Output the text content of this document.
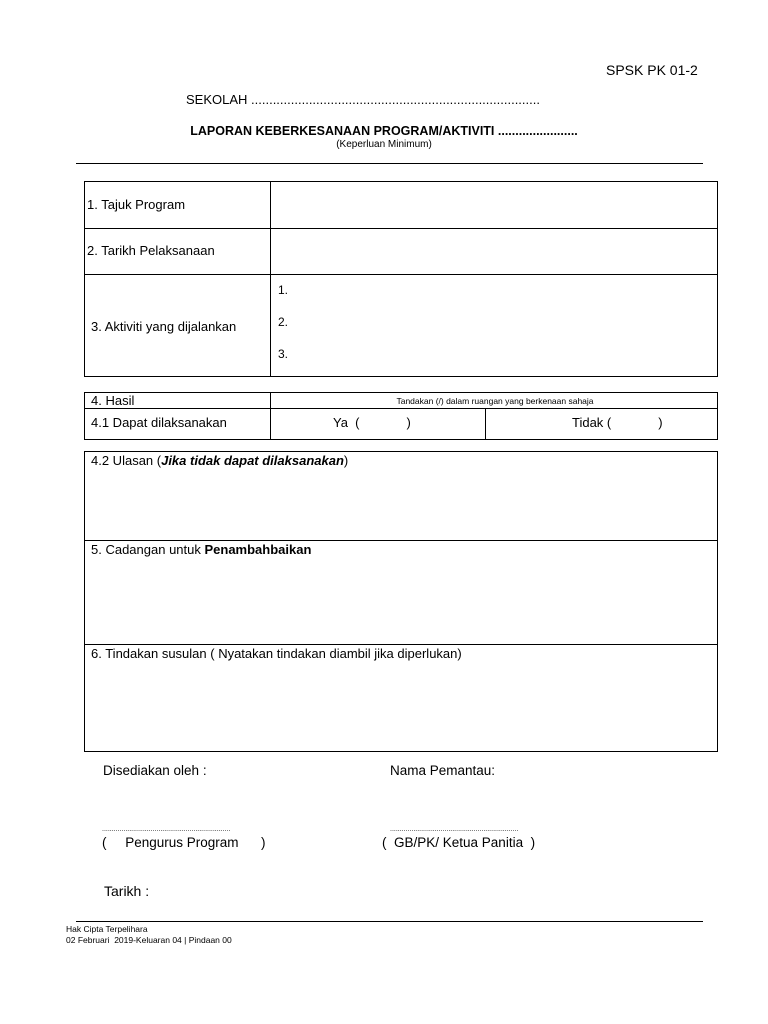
SPSK PK 01-2
SEKOLAH ................................................................................
LAPORAN KEBERKESANAAN PROGRAM/AKTIVITI .......................
(Keperluan Minimum)
1. Tajuk Program
2. Tarikh Pelaksanaan
3. Aktiviti yang dijalankan
1.
2.
3.
4. Hasil	Tandakan (/) dalam ruangan yang berkenaan sahaja
4.1 Dapat dilaksanakan	Ya  (             )	Tidak (             )
4.2 Ulasan (Jika tidak dapat dilaksanakan)
5. Cadangan untuk Penambahbaikan
6. Tindakan susulan ( Nyatakan tindakan diambil jika diperlukan)
Disediakan oleh :	Nama Pemantau:
..................................................................	..................................................................
(     Pengurus Program      )	(  GB/PK/ Ketua Panitia  )
Tarikh :
Hak Cipta Terpelihara
02 Februari  2019-Keluaran 04 | Pindaan 00
